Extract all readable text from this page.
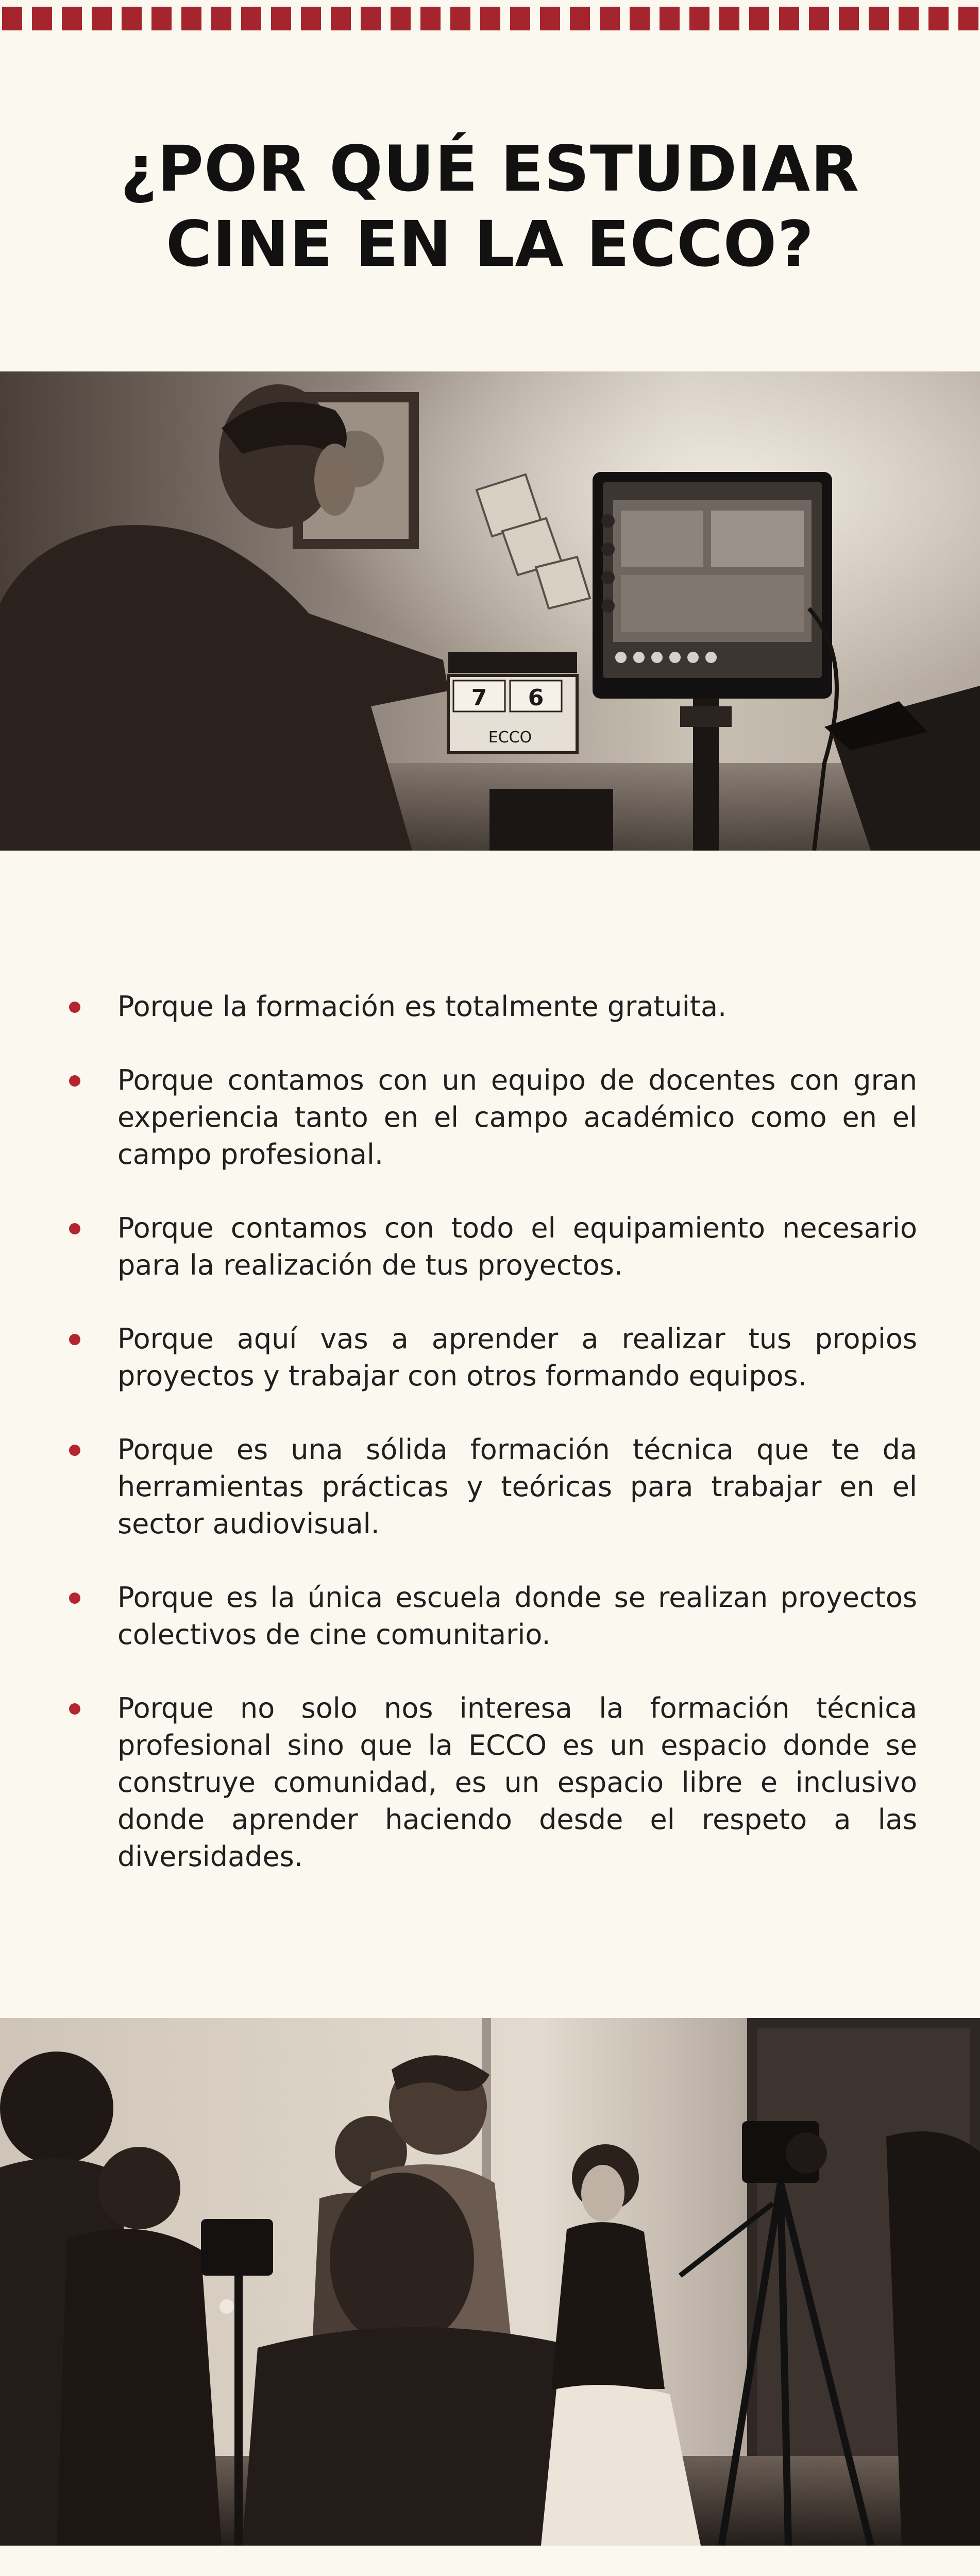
¿POR QUÉ ESTUDIAR
CINE EN LA ECCO?
7 6
ECCO
Porque la formación es totalmente gratuita.
Porque contamos con un equipo de docentes con gran experiencia tanto en el campo académico como en el campo profesional.
Porque contamos con todo el equipamiento necesario para la realización de tus proyectos.
Porque aquí vas a aprender a realizar tus propios proyectos y trabajar con otros formando equipos.
Porque es una sólida formación técnica que te da herramientas prácticas y teóricas para trabajar en el sector audiovisual.
Porque es la única escuela donde se realizan proyectos colectivos de cine comunitario.
Porque no solo nos interesa la formación técnica profesional sino que la ECCO es un espacio donde se construye comunidad, es un espacio libre e inclusivo donde aprender haciendo desde el respeto a las diversidades.
